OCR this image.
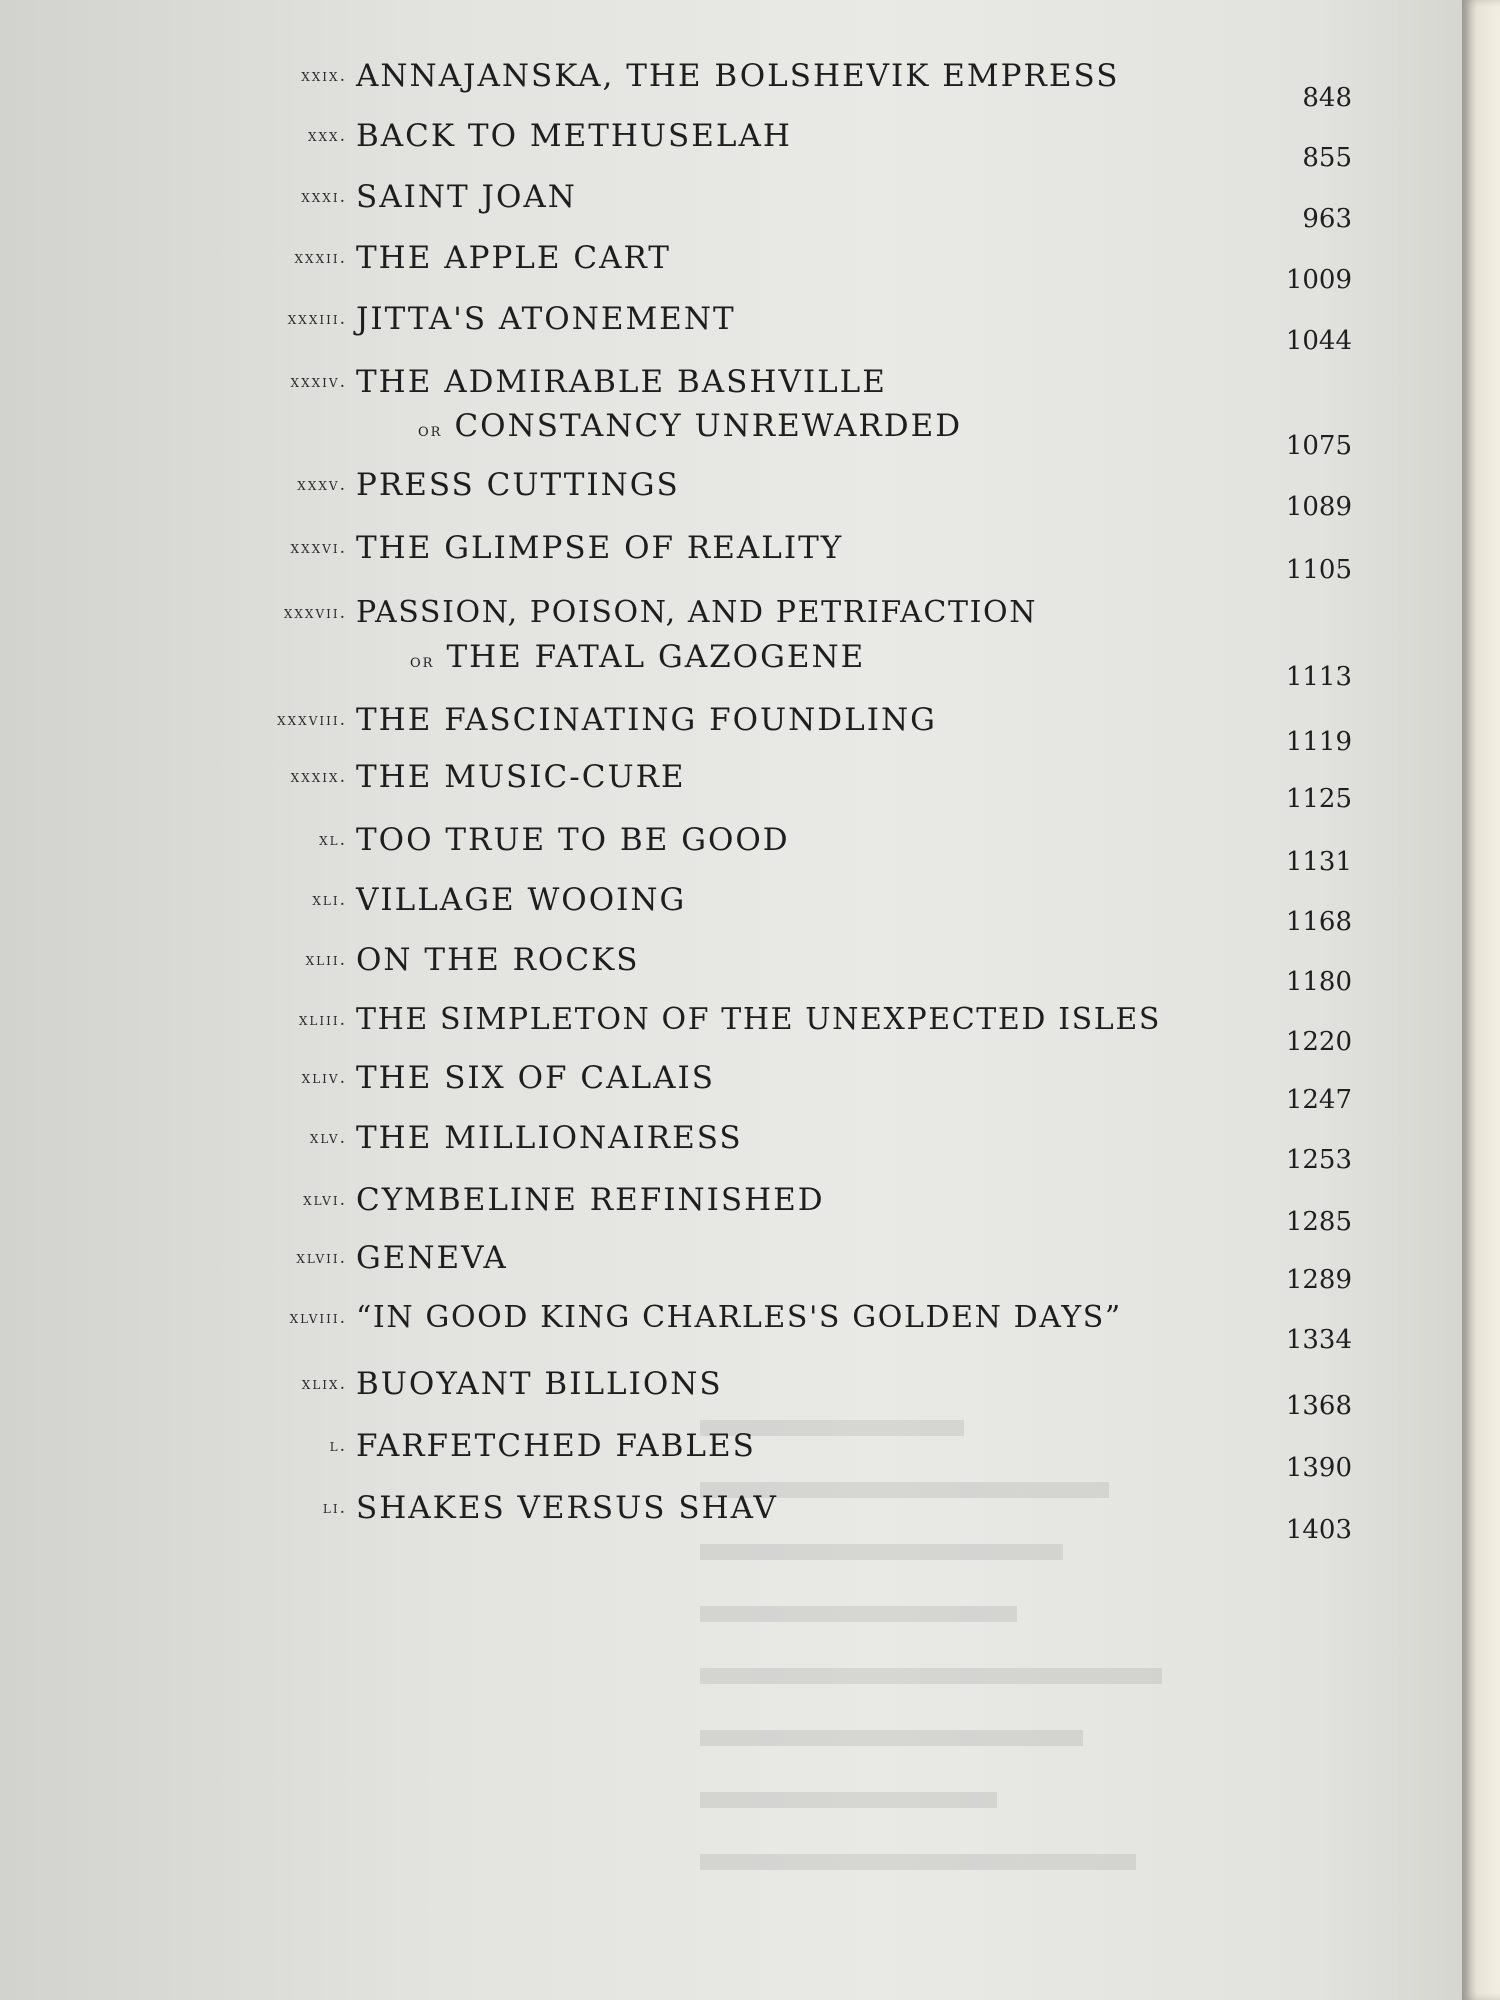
xxix. ANNAJANSKA, THE BOLSHEVIK EMPRESS
848
xxx. BACK TO METHUSELAH
855
xxxi. SAINT JOAN
963
xxxii. THE APPLE CART
1009
xxxiii. JITTA'S ATONEMENT
1044
xxxiv. THE ADMIRABLE BASHVILLE
or CONSTANCY UNREWARDED
1075
xxxv. PRESS CUTTINGS
1089
xxxvi. THE GLIMPSE OF REALITY
1105
xxxvii. PASSION, POISON, AND PETRIFACTION
or THE FATAL GAZOGENE
1113
xxxviii. THE FASCINATING FOUNDLING
1119
xxxix. THE MUSIC-CURE
1125
xl. TOO TRUE TO BE GOOD
1131
xli. VILLAGE WOOING
1168
xlii. ON THE ROCKS
1180
xliii. THE SIMPLETON OF THE UNEXPECTED ISLES
1220
xliv. THE SIX OF CALAIS
1247
xlv. THE MILLIONAIRESS
1253
xlvi. CYMBELINE REFINISHED
1285
xlvii. GENEVA
1289
xlviii. “IN GOOD KING CHARLES'S GOLDEN DAYS”
1334
xlix. BUOYANT BILLIONS
1368
l. FARFETCHED FABLES
1390
li. SHAKES VERSUS SHAV
1403
